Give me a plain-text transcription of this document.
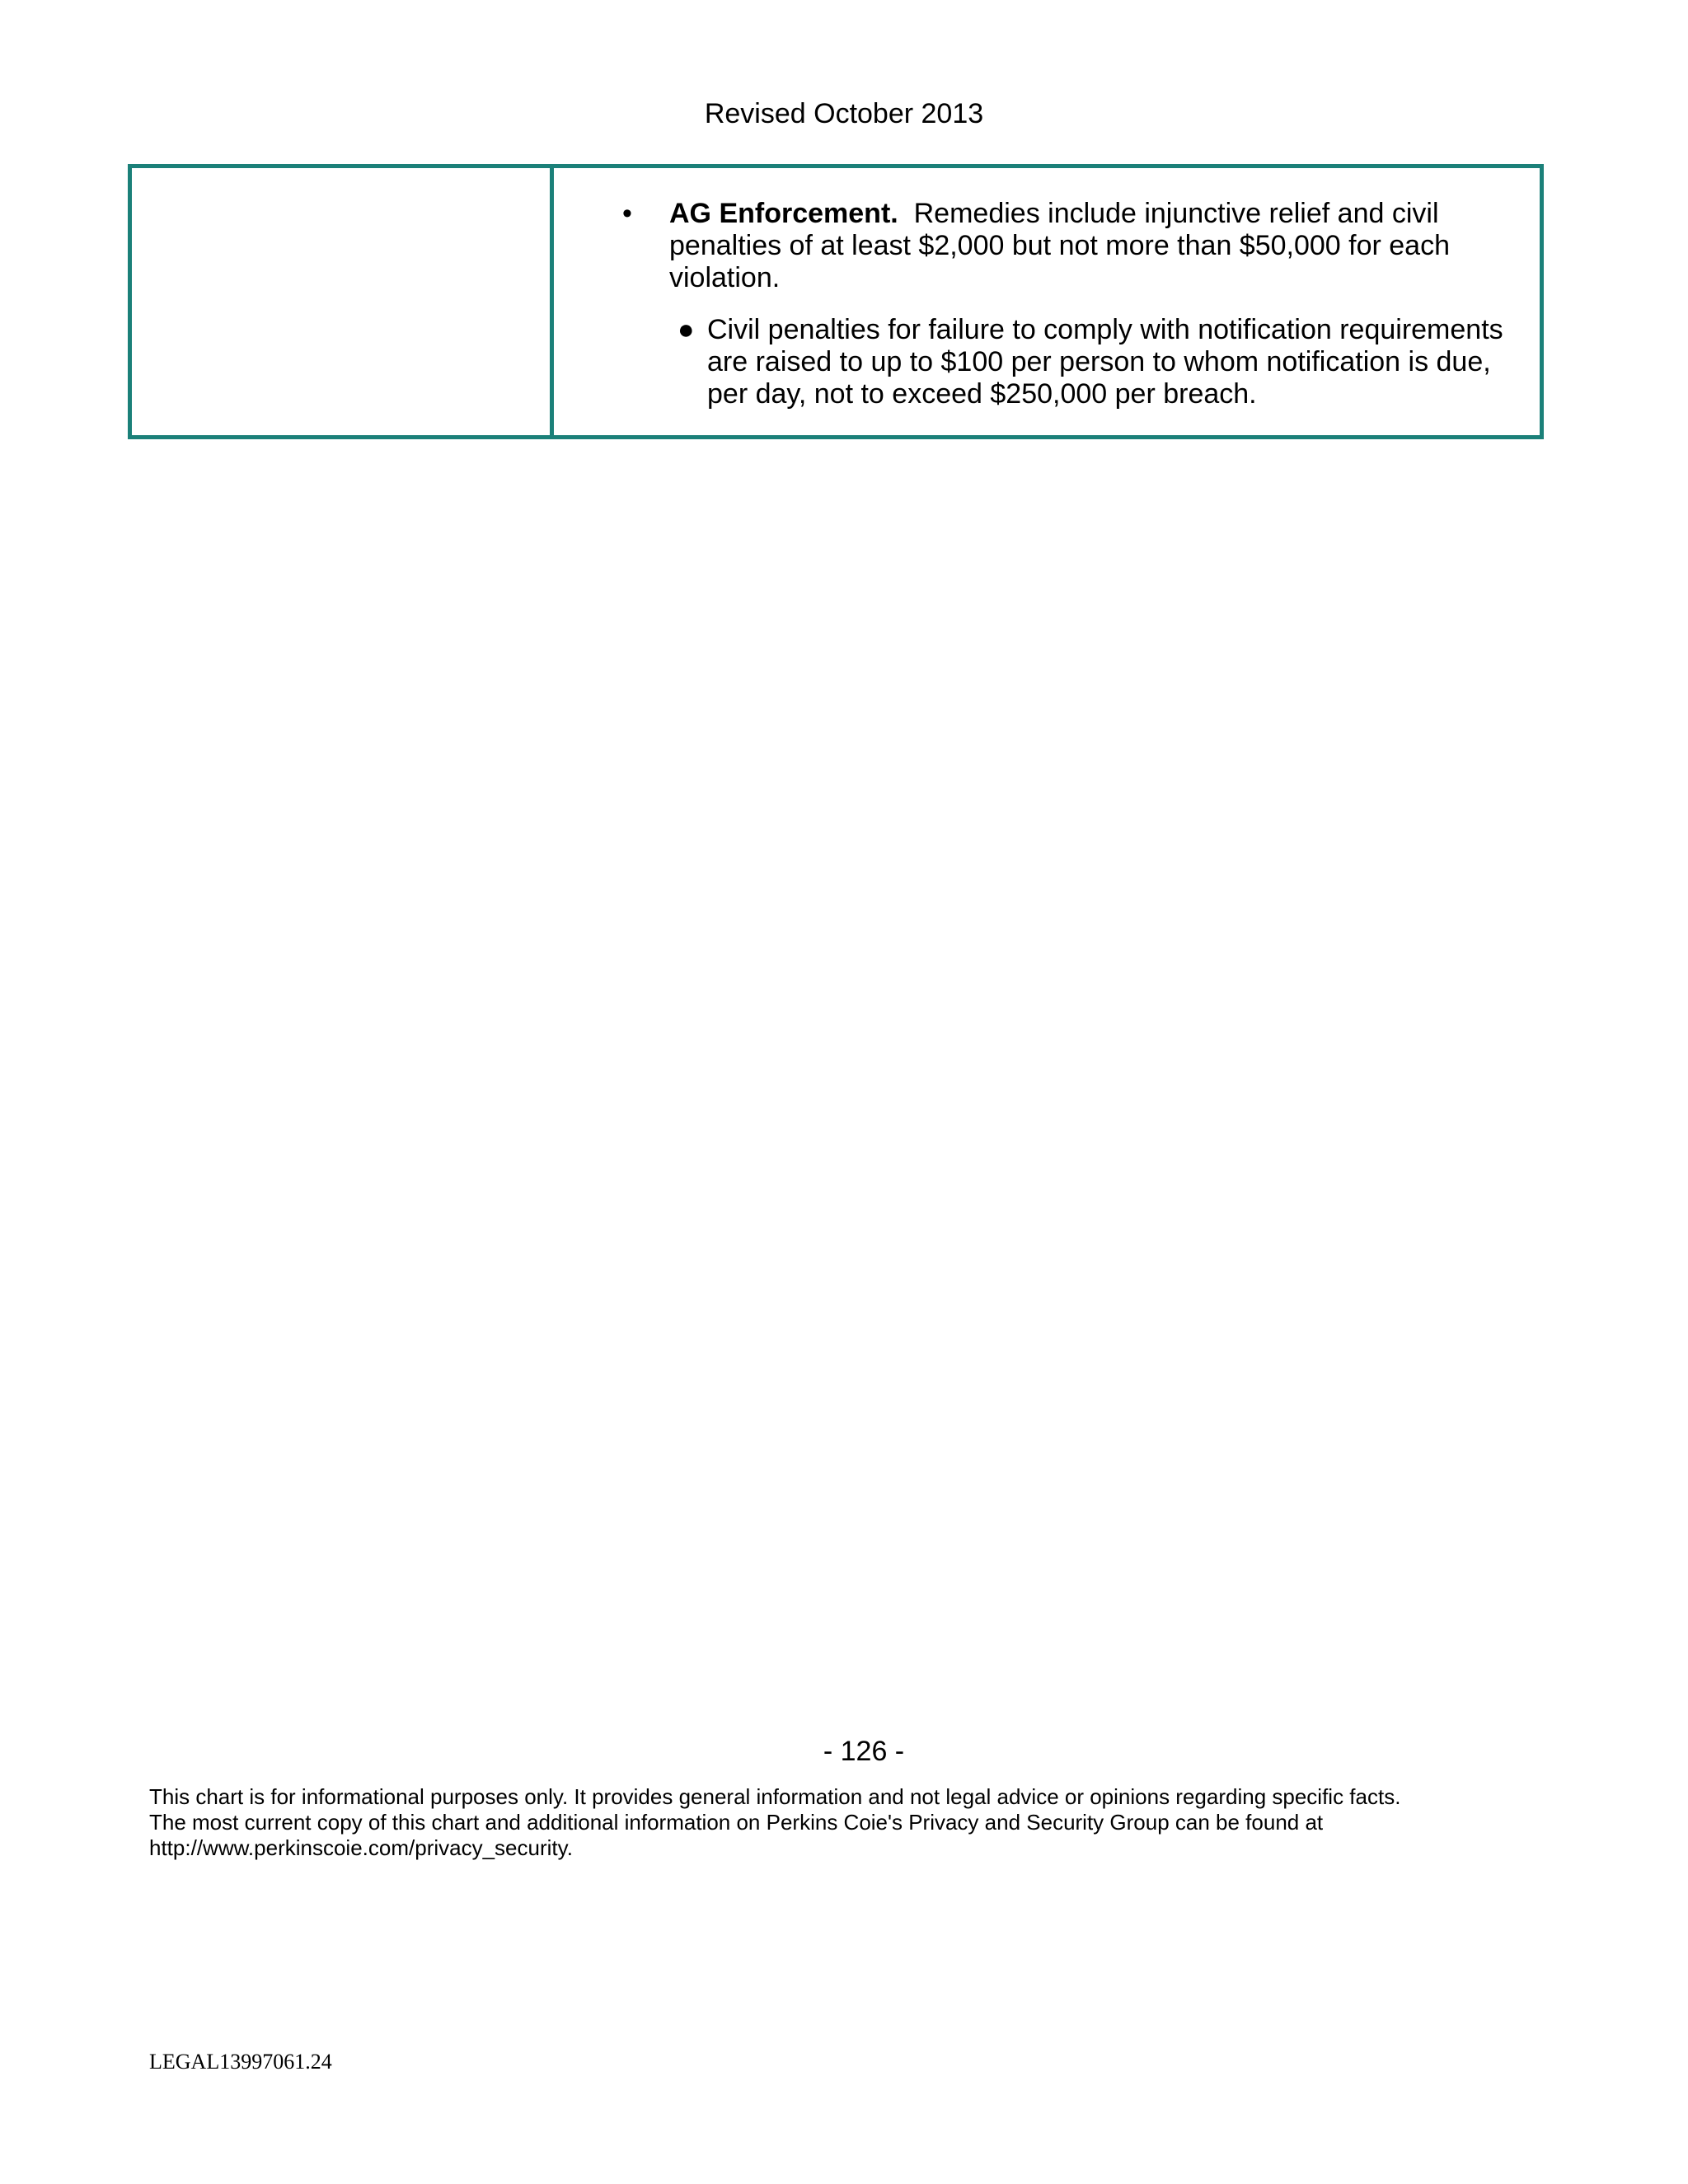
Revised October 2013
• AG Enforcement. Remedies include injunctive relief and civil penalties of at least $2,000 but not more than $50,000 for each violation.
● Civil penalties for failure to comply with notification requirements are raised to up to $100 per person to whom notification is due, per day, not to exceed $250,000 per breach.
- 126 -
This chart is for informational purposes only. It provides general information and not legal advice or opinions regarding specific facts.
The most current copy of this chart and additional information on Perkins Coie's Privacy and Security Group can be found at
http://www.perkinscoie.com/privacy_security.
LEGAL13997061.24
